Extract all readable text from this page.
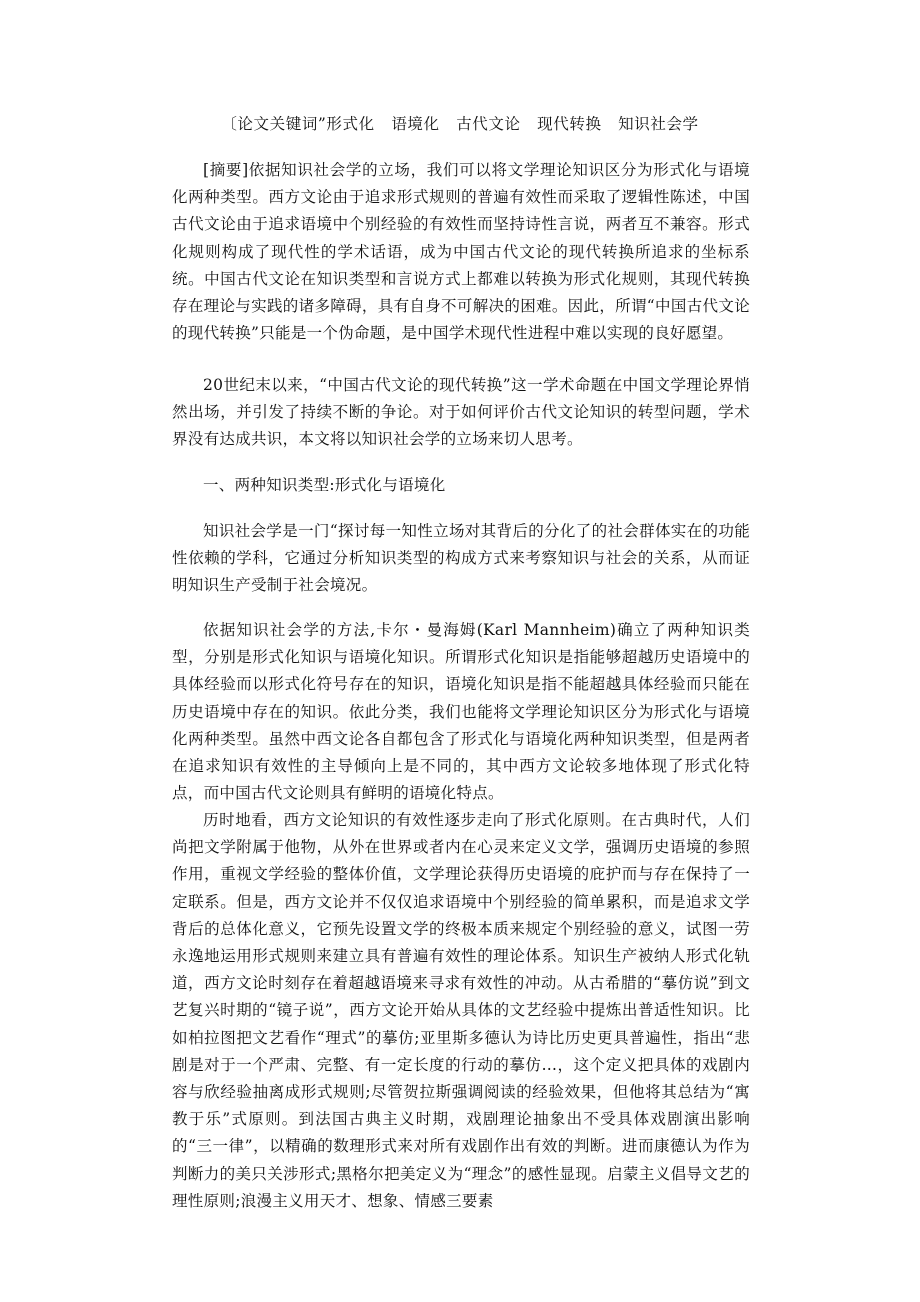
〔论文关键词”形式化   语境化   古代文论   现代转换   知识社会学

[摘要]依据知识社会学的立场，我们可以将文学理论知识区分为形式化与语境化两种类型。西方文论由于追求形式规则的普遍有效性而采取了逻辑性陈述，中国古代文论由于追求语境中个别经验的有效性而坚持诗性言说，两者互不兼容。形式化规则构成了现代性的学术话语，成为中国古代文论的现代转换所追求的坐标系统。中国古代文论在知识类型和言说方式上都难以转换为形式化规则，其现代转换存在理论与实践的诸多障碍，具有自身不可解决的困难。因此，所谓“中国古代文论的现代转换”只能是一个伪命题，是中国学术现代性进程中难以实现的良好愿望。

20世纪末以来，“中国古代文论的现代转换”这一学术命题在中国文学理论界悄然出场，并引发了持续不断的争论。对于如何评价古代文论知识的转型问题，学术界没有达成共识，本文将以知识社会学的立场来切人思考。

一、两种知识类型:形式化与语境化

知识社会学是一门“探讨每一知性立场对其背后的分化了的社会群体实在的功能性依赖的学科，它通过分析知识类型的构成方式来考察知识与社会的关系，从而证明知识生产受制于社会境况。

依据知识社会学的方法,卡尔・曼海姆(Karl Mannheim)确立了两种知识类型，分别是形式化知识与语境化知识。所谓形式化知识是指能够超越历史语境中的具体经验而以形式化符号存在的知识，语境化知识是指不能超越具体经验而只能在历史语境中存在的知识。依此分类，我们也能将文学理论知识区分为形式化与语境化两种类型。虽然中西文论各自都包含了形式化与语境化两种知识类型，但是两者在追求知识有效性的主导倾向上是不同的，其中西方文论较多地体现了形式化特点，而中国古代文论则具有鲜明的语境化特点。

历时地看，西方文论知识的有效性逐步走向了形式化原则。在古典时代，人们尚把文学附属于他物，从外在世界或者内在心灵来定义文学，强调历史语境的参照作用，重视文学经验的整体价值，文学理论获得历史语境的庇护而与存在保持了一定联系。但是，西方文论并不仅仅追求语境中个别经验的简单累积，而是追求文学背后的总体化意义，它预先设置文学的终极本质来规定个别经验的意义，试图一劳永逸地运用形式规则来建立具有普遍有效性的理论体系。知识生产被纳人形式化轨道，西方文论时刻存在着超越语境来寻求有效性的冲动。从古希腊的“摹仿说”到文艺复兴时期的“镜子说”，西方文论开始从具体的文艺经验中提炼出普适性知识。比如柏拉图把文艺看作“理式”的摹仿;亚里斯多德认为诗比历史更具普遍性，指出“悲剧是对于一个严肃、完整、有一定长度的行动的摹仿…，这个定义把具体的戏剧内容与欣经验抽离成形式规则;尽管贺拉斯强调阅读的经验效果，但他将其总结为“寓教于乐”式原则。到法国古典主义时期，戏剧理论抽象出不受具体戏剧演出影响的“三一律”，以精确的数理形式来对所有戏剧作出有效的判断。进而康德认为作为判断力的美只关涉形式;黑格尔把美定义为“理念”的感性显现。启蒙主义倡导文艺的理性原则;浪漫主义用天才、想象、情感三要素
